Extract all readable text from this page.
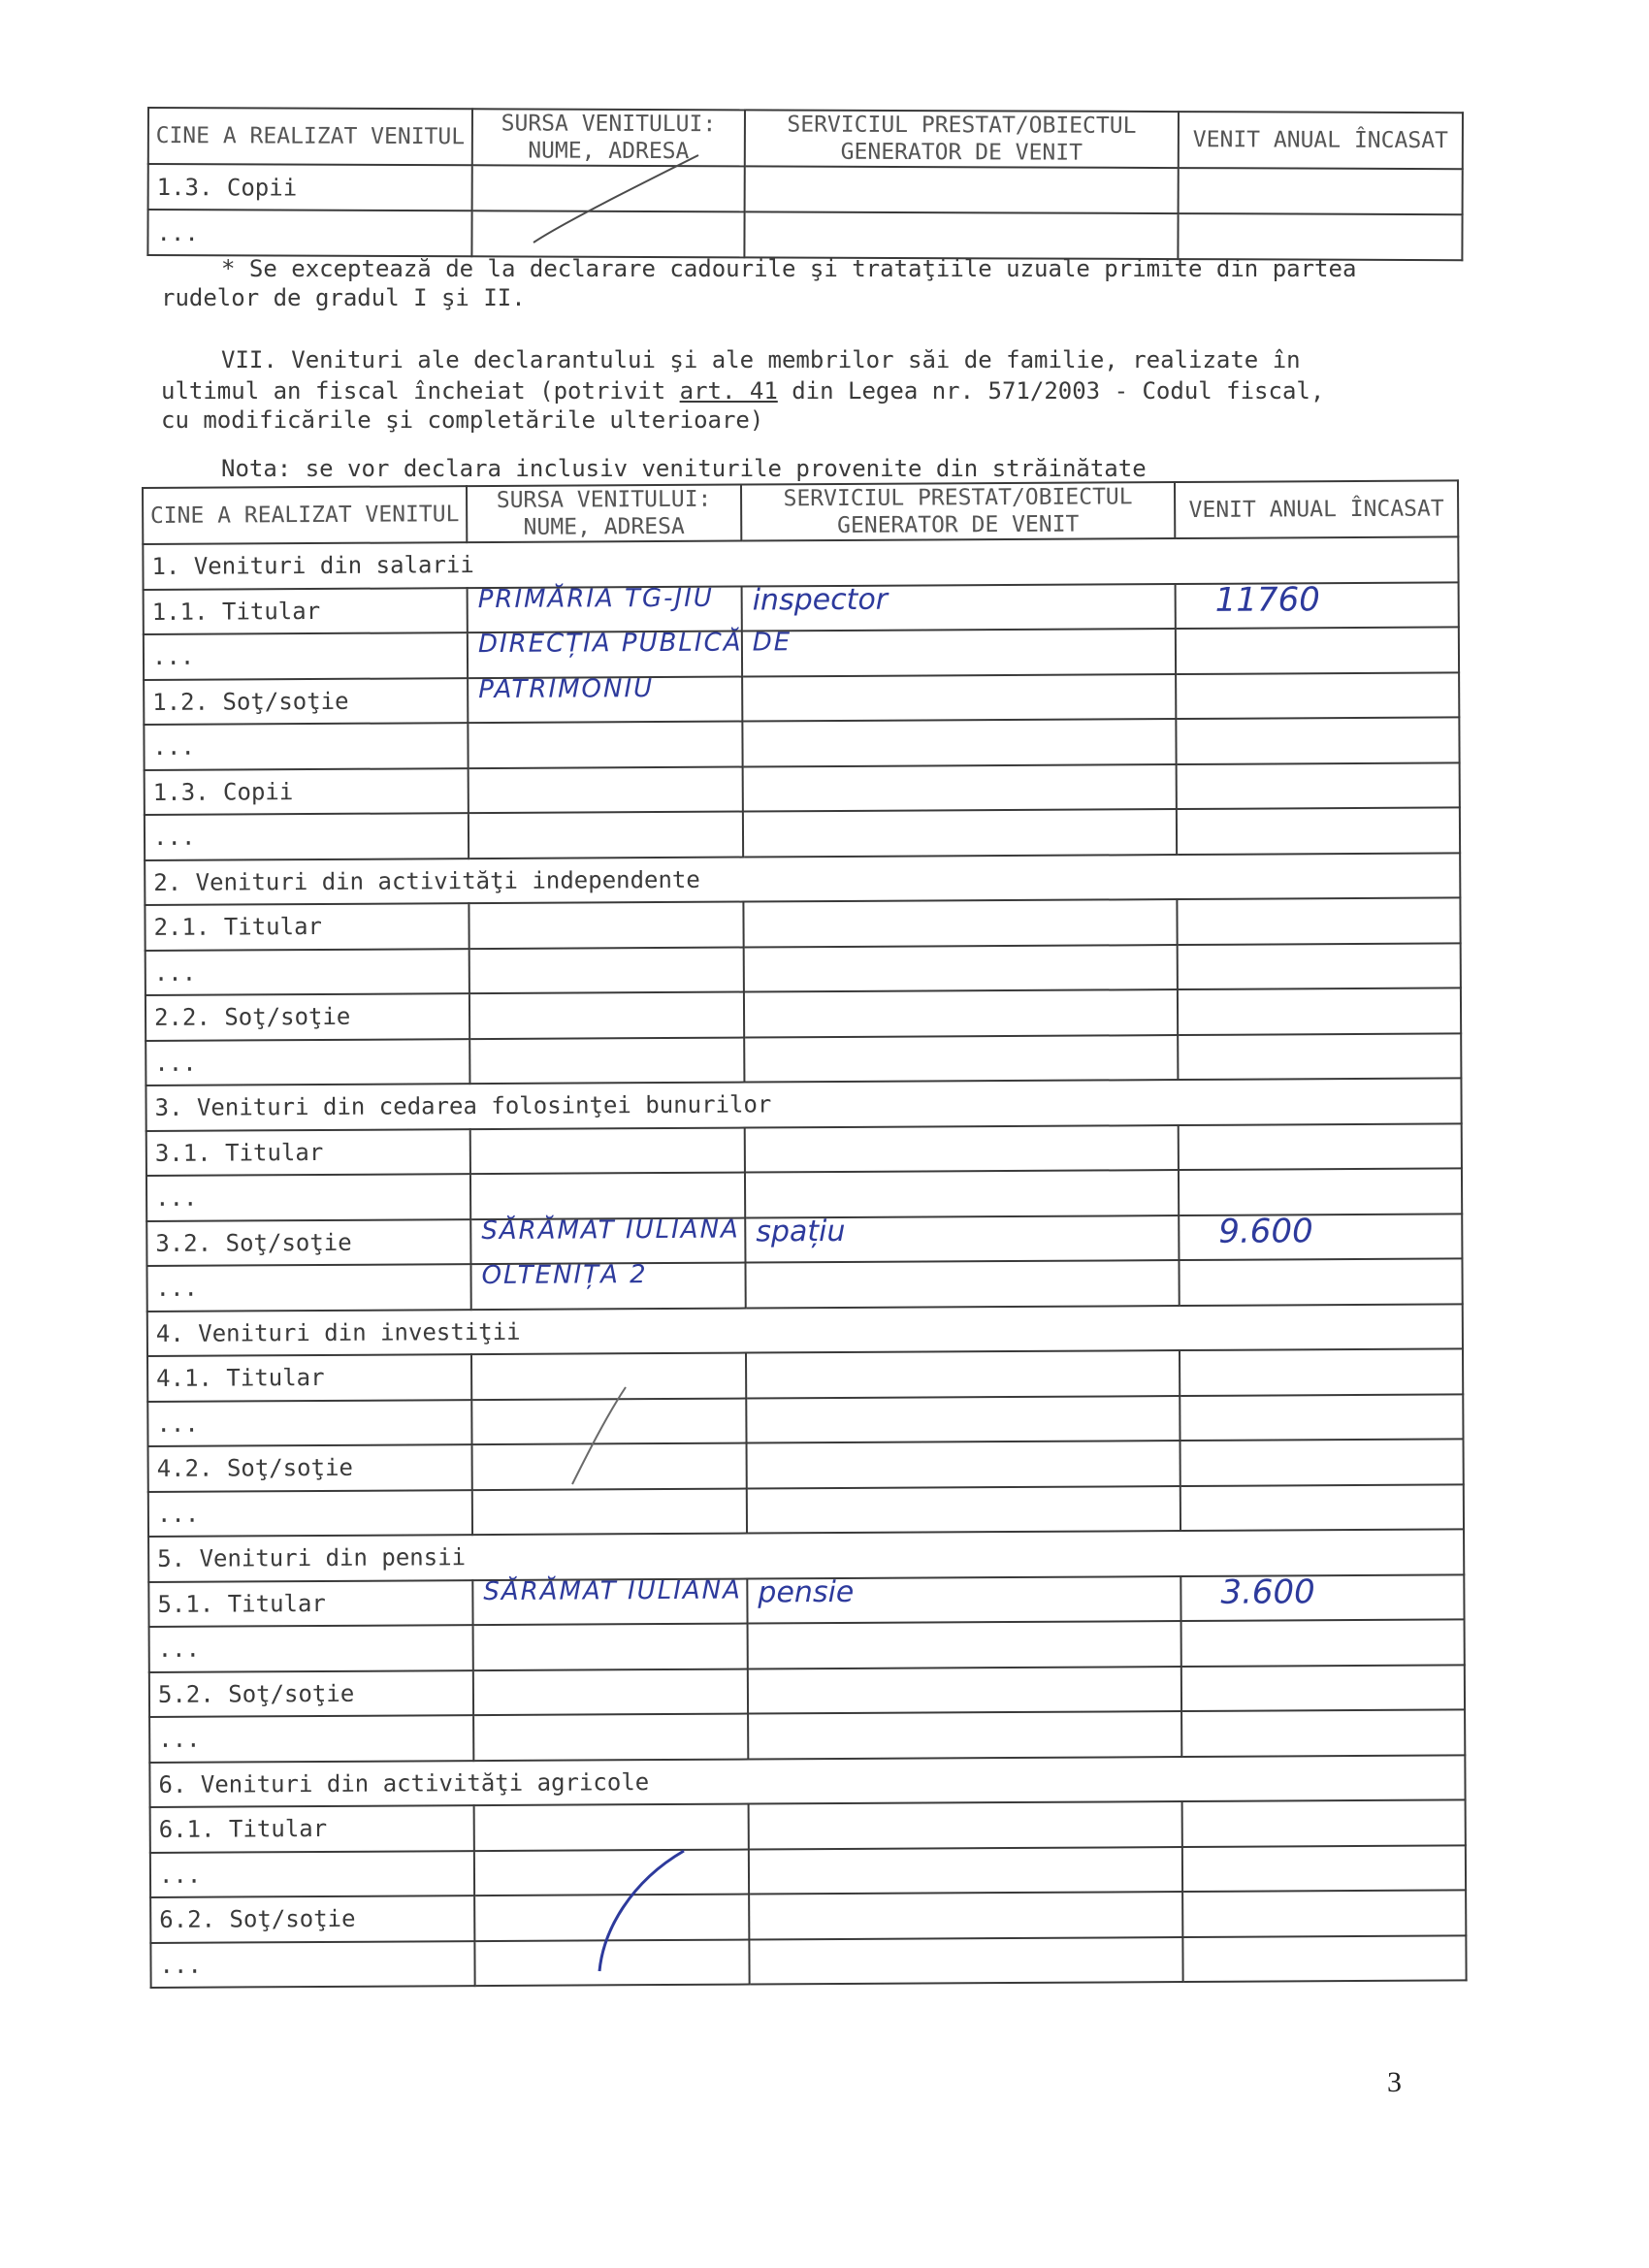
CINE A REALIZAT VENITUL	SURSA VENITULUI: NUME, ADRESA	SERVICIUL PRESTAT/OBIECTUL GENERATOR DE VENIT	VENIT ANUAL ÎNCASAT
1.3. Copii			
...			
* Se exceptează de la declarare cadourile şi trataţiile uzuale primite din partea
rudelor de gradul I şi II.
VII. Venituri ale declarantului şi ale membrilor săi de familie, realizate în
ultimul an fiscal încheiat (potrivit art. 41 din Legea nr. 571/2003 - Codul fiscal,
cu modificările şi completările ulterioare)
Nota: se vor declara inclusiv veniturile provenite din străinătate
CINE A REALIZAT VENITUL	SURSA VENITULUI: NUME, ADRESA	SERVICIUL PRESTAT/OBIECTUL GENERATOR DE VENIT	VENIT ANUAL ÎNCASAT
1. Venituri din salarii			
1.1. Titular	PRIMĂRIA TG-JIU	inspector	11760

...	DIRECȚIA PUBLICĂ DE		

1.2. Soţ/soţie	PATRIMONIU		

...			
1.3. Copii			
...			
2. Venituri din activităţi independente			
2.1. Titular			
...			
2.2. Soţ/soţie			
...			
3. Venituri din cedarea folosinţei bunurilor			
3.1. Titular			
...			
3.2. Soţ/soţie	SĂRĂMAT IULIANA	spațiu	9.600

...	OLTENIȚA 2		

4. Venituri din investiţii			
4.1. Titular			
...			
4.2. Soţ/soţie			
...			
5. Venituri din pensii			
5.1. Titular	SĂRĂMAT IULIANA	pensie	3.600

...			
5.2. Soţ/soţie			
...			
6. Venituri din activităţi agricole			
6.1. Titular			
...			
6.2. Soţ/soţie			
...			
3
